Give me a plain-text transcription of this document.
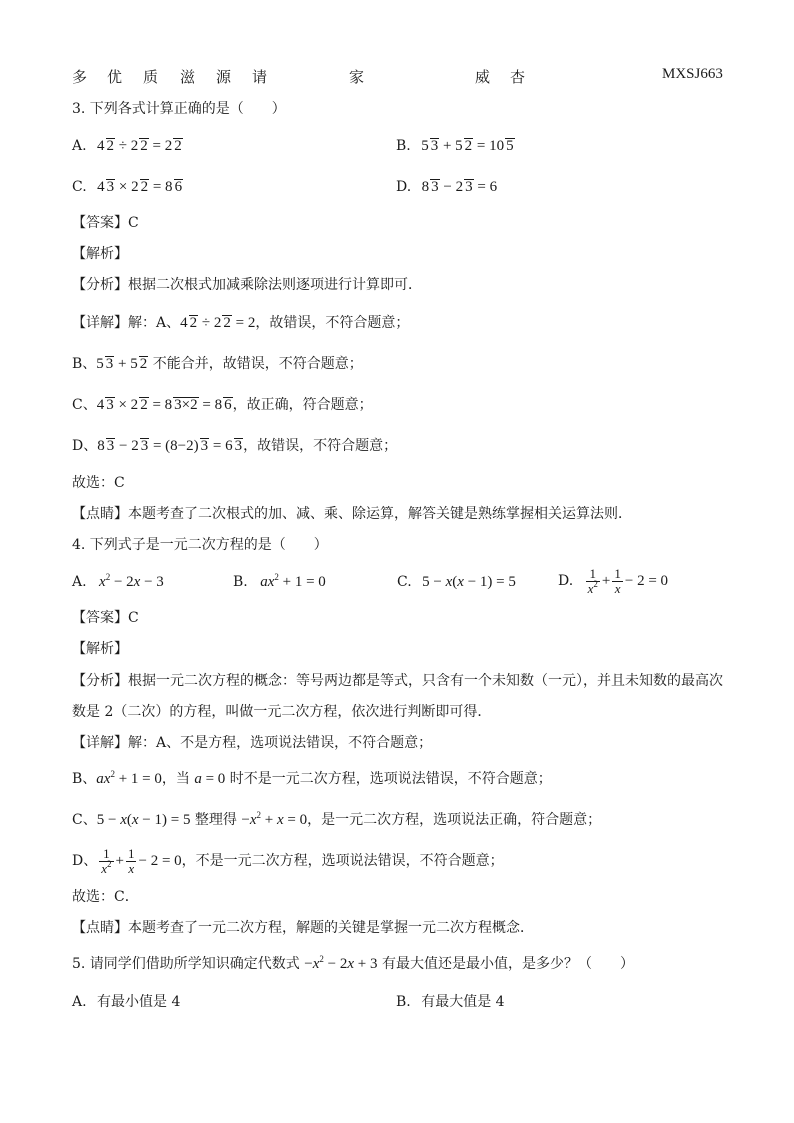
多 优 质 滋 源 请	家	威 杏	MXSJ663
3. 下列各式计算正确的是（　　）
A. 4 2 ÷ 2 2 = 2 2	B. 5 3 + 5 2 = 10 5
C. 4 3 × 2 2 = 8 6	D. 8 3 − 2 3 = 6
【答案】C
【解析】
【分析】根据二次根式加减乘除法则逐项进行计算即可．
【详解】解：A、4 2 ÷ 2 2 = 2，故错误，不符合题意；
B、5 3 + 5 2 不能合并，故错误，不符合题意；
C、4 3 × 2 2 = 8 3×2 = 8 6，故正确，符合题意；
D、8 3 − 2 3 = (8−2) 3 = 6 3，故错误，不符合题意；
故选：C
【点睛】本题考查了二次根式的加、减、乘、除运算，解答关键是熟练掌握相关运算法则．
4. 下列式子是一元二次方程的是（　　）
A. $x^2 - 2x - 3$	B. $ax^2 + 1 = 0$	C. 5 − x(x − 1) = 5	D. $\frac{1}{x^2} + \frac{1}{x} - 2 = 0$
【答案】C
【解析】
【分析】根据一元二次方程的概念：等号两边都是等式，只含有一个未知数（一元），并且未知数的最高次
数是 2（二次）的方程，叫做一元二次方程，依次进行判断即可得．
【详解】解：A、不是方程，选项说法错误，不符合题意；
B、$ax^2 + 1 = 0$，当 a = 0 时不是一元二次方程，选项说法错误，不符合题意；
C、5 − x(x − 1) = 5 整理得 $-x^2 + x = 0$，是一元二次方程，选项说法正确，符合题意；
D、 $\frac{1}{x^2} + \frac{1}{x} - 2 = 0$，不是一元二次方程，选项说法错误，不符合题意；
故选：C．
【点睛】本题考查了一元二次方程，解题的关键是掌握一元二次方程概念．
5. 请同学们借助所学知识确定代数式 $-x^2 - 2x + 3$ 有最大值还是最小值，是多少？（　　）
A. 有最小值是 4	B. 有最大值是 4
